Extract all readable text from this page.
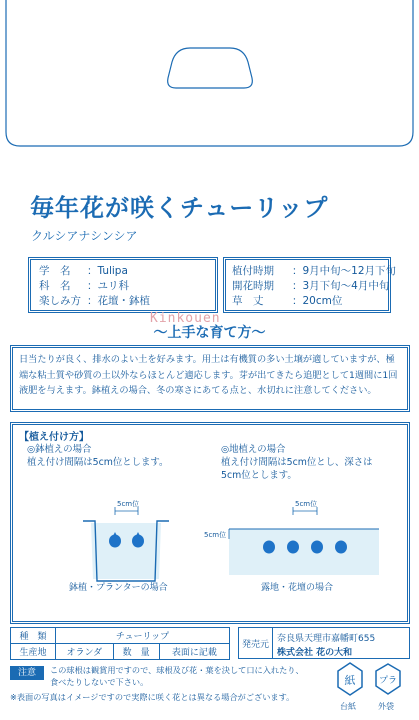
毎年花が咲くチューリップ
クルシアナシンシア
学　名 ：Tulipa
科　名 ：ユリ科
楽しみ方 ：花壇・鉢植
植付時期 ：9月中旬〜12月下旬
開花時期 ：3月下旬〜4月中旬
草　丈	：20cm位
Kinkouen
〜上手な育て方〜
日当たりが良く、排水のよい土を好みます。用土は有機質の多い土壌が適していますが、極端な粘土質や砂質の土以外ならほとんど適応します。芽が出てきたら追肥として1週間に1回液肥を与えます。鉢植えの場合、冬の寒さにあてる点と、水切れに注意してください。
【植え付け方】
◎鉢植えの場合
植え付け間隔は5cm位とします。
◎地植えの場合
植え付け間隔は5cm位とし、深さは
5cm位とします。
5cm位	5cm位
5cm位
鉢植・プランターの場合	露地・花壇の場合
種　類	チューリップ		
生産地	オランダ	数　量	表面に記載
発売元
奈良県天理市嘉幡町655
株式会社 花の大和
注意	この球根は観賞用ですので、球根及び花・葉を決して口に入れたり、食べたりしないで下さい。
※表面の写真はイメージですので実際に咲く花とは異なる場合がございます。
紙
台紙
プラ
外袋
